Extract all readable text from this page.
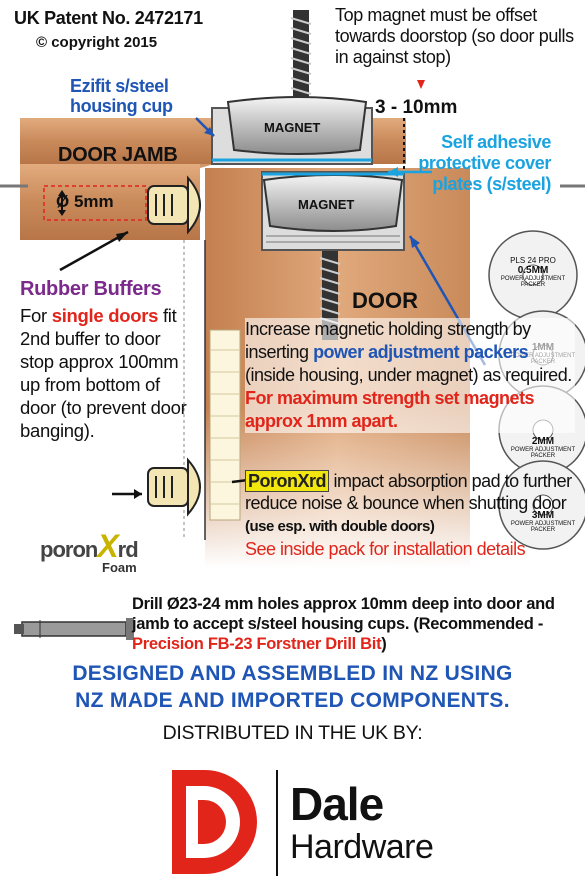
MAGNET
MAGNET
PLS 24 PRO
0.5MM
POWER ADJUSTMENT PACKER
2MM
POWER ADJUSTMENT PACKER
3MM
POWER ADJUSTMENT PACKER
UK Patent No. 2472171
© copyright 2015
Top magnet must be offset towards doorstop (so door pulls in against stop)
Ezifit s/steel housing cup	3 - 10mm
Self adhesive protective cover plates (s/steel)
DOOR JAMB
Ø 5mm
DOOR
Rubber Buffers
For single doors fit 2nd buffer to door stop approx 100mm up from bottom of door (to prevent door banging).
Increase magnetic holding strength by inserting power adjustment packers (inside housing, under magnet) as required. For maximum strength set magnets approx 1mm apart.
PoronXrd impact absorption pad to further reduce noise & bounce when shutting door (use esp. with double doors)
See inside pack for installation details
poronXrd
Foam
Drill Ø23-24 mm holes approx 10mm deep into door and jamb to accept s/steel housing cups. (Recommended - Precision FB-23 Forstner Drill Bit)
DESIGNED AND ASSEMBLED IN NZ USING NZ MADE AND IMPORTED COMPONENTS.
DISTRIBUTED IN THE UK BY:
Dale
Hardware
